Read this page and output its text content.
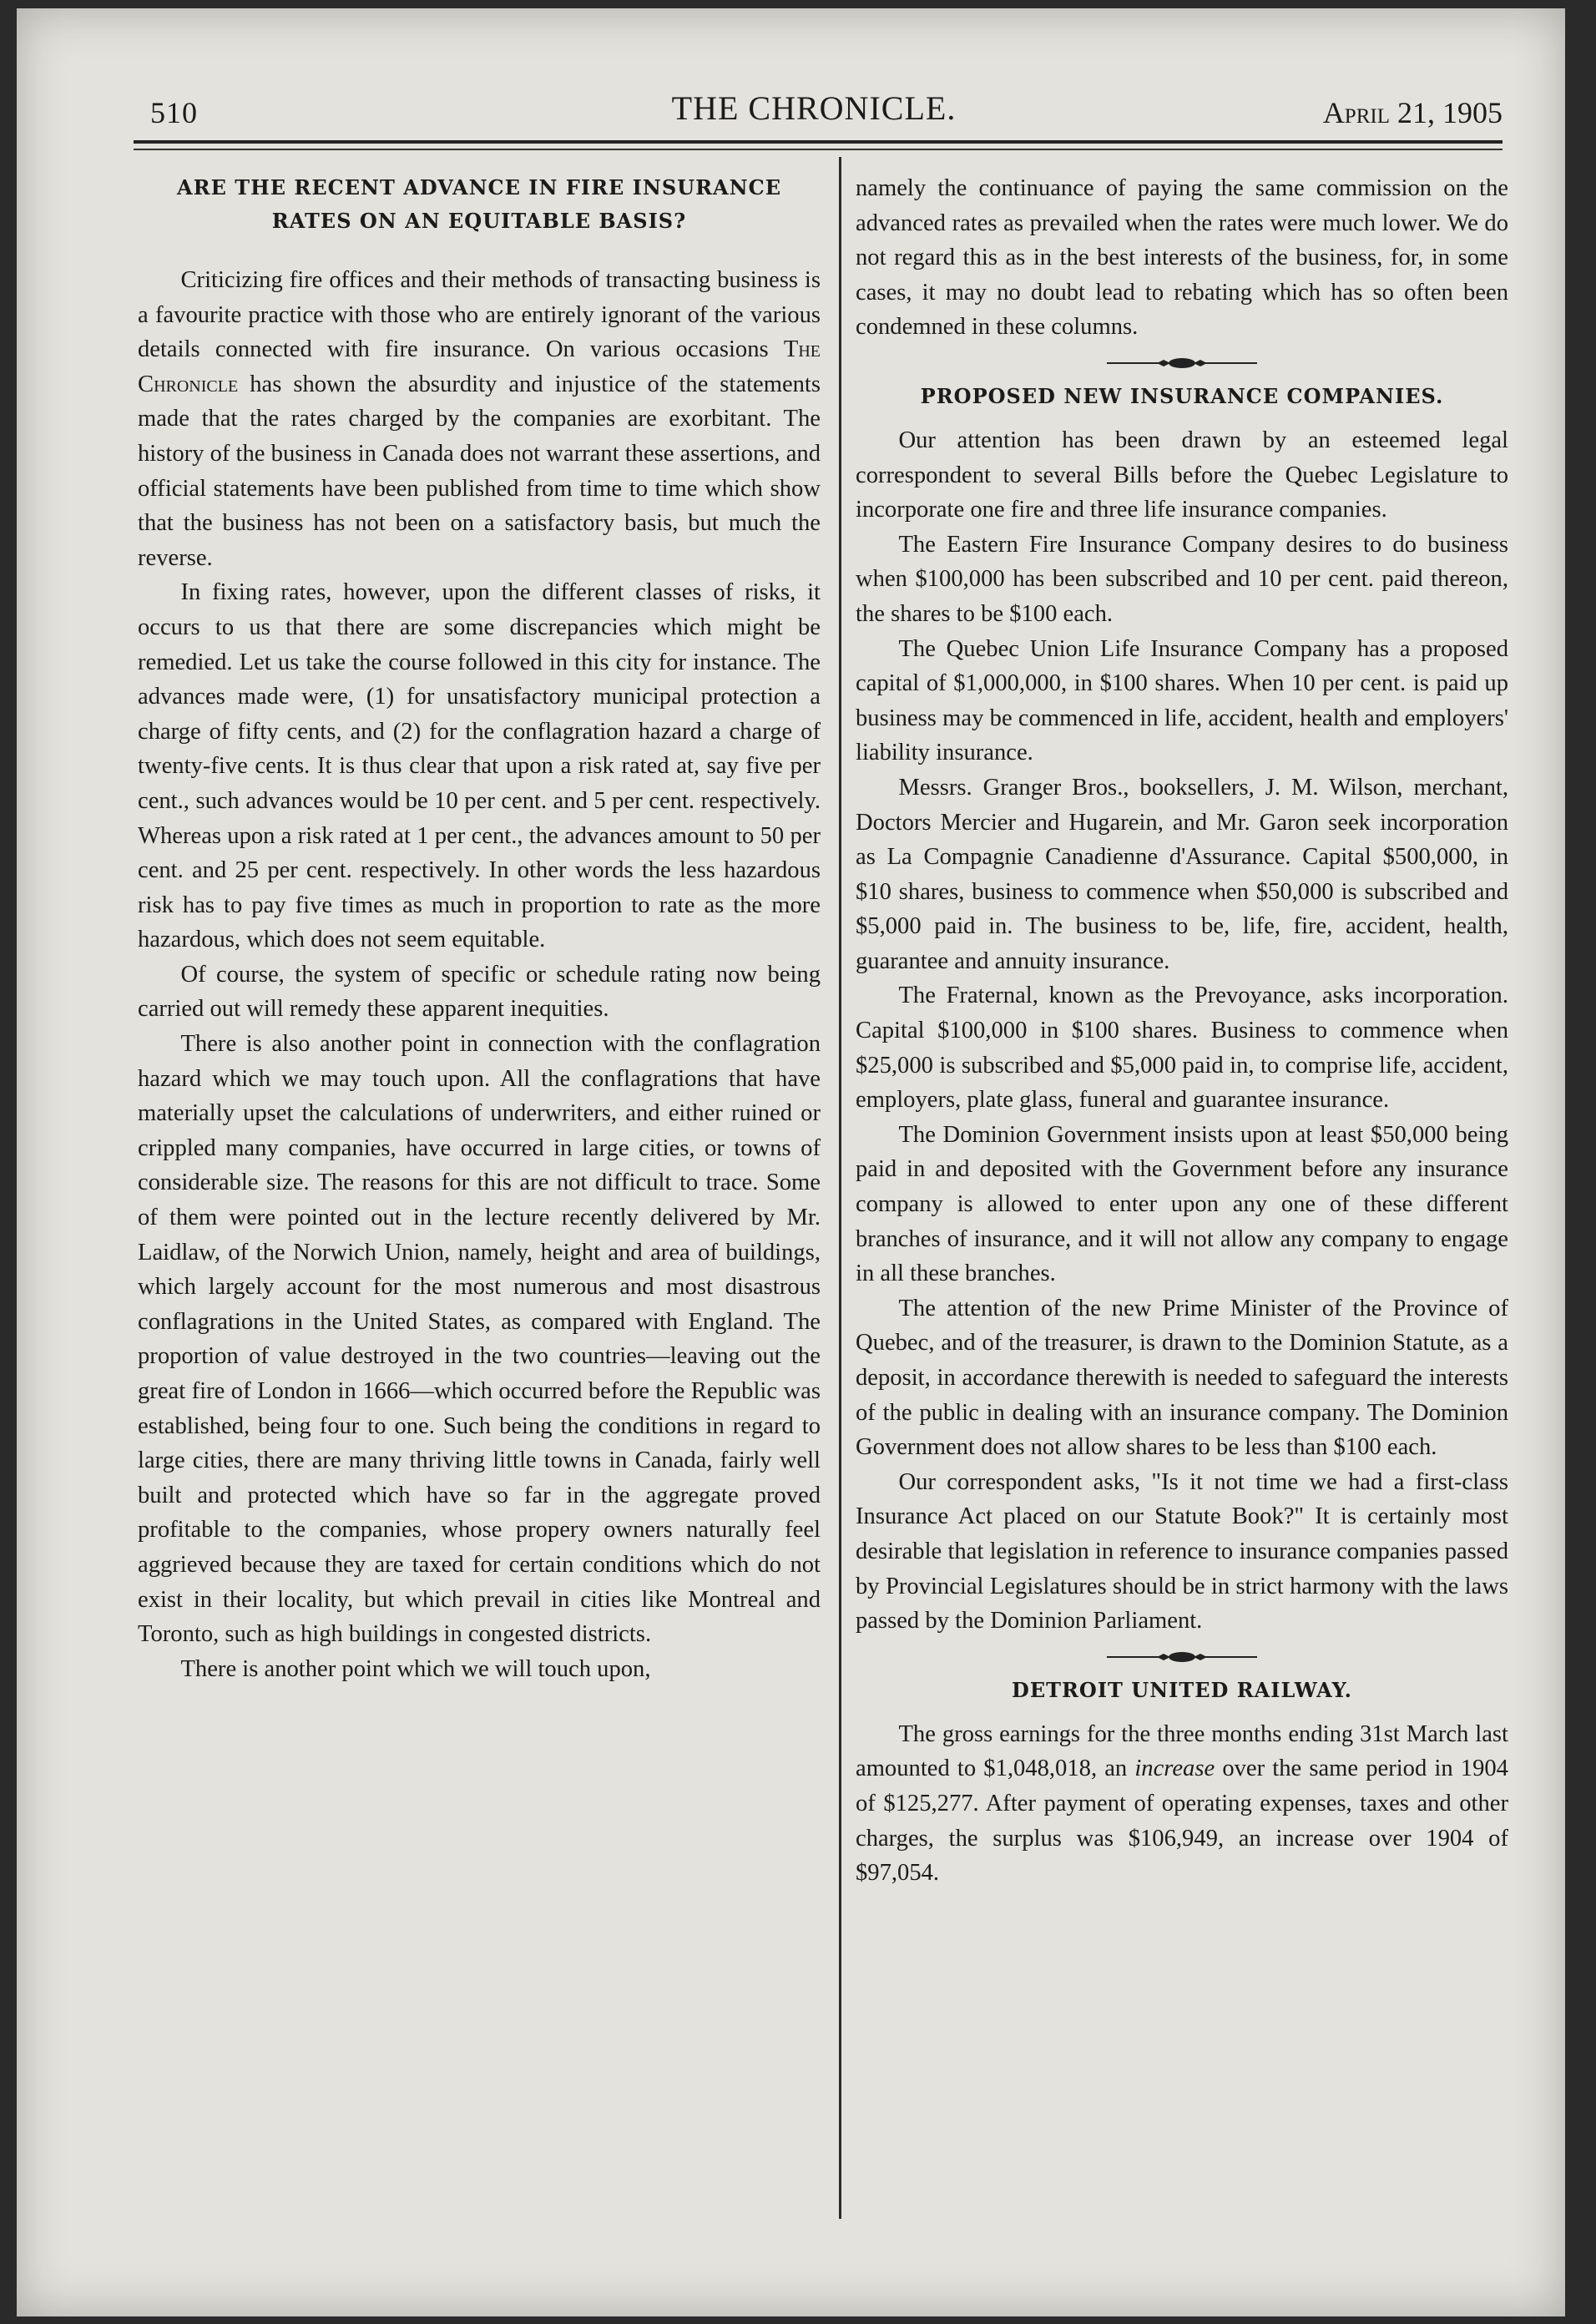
510	THE CHRONICLE.	April 21, 1905
ARE THE RECENT ADVANCE IN FIRE INSURANCE RATES ON AN EQUITABLE BASIS?

Criticizing fire offices and their methods of transacting business is a favourite practice with those who are entirely ignorant of the various details connected with fire insurance. On various occasions The Chronicle has shown the absurdity and injustice of the statements made that the rates charged by the companies are exorbitant. The history of the business in Canada does not warrant these assertions, and official statements have been published from time to time which show that the business has not been on a satisfactory basis, but much the reverse.

In fixing rates, however, upon the different classes of risks, it occurs to us that there are some discrepancies which might be remedied. Let us take the course followed in this city for instance. The advances made were, (1) for unsatisfactory municipal protection a charge of fifty cents, and (2) for the conflagration hazard a charge of twenty-five cents. It is thus clear that upon a risk rated at, say five per cent., such advances would be 10 per cent. and 5 per cent. respectively. Whereas upon a risk rated at 1 per cent., the advances amount to 50 per cent. and 25 per cent. respectively. In other words the less hazardous risk has to pay five times as much in proportion to rate as the more hazardous, which does not seem equitable.

Of course, the system of specific or schedule rating now being carried out will remedy these apparent inequities.

There is also another point in connection with the conflagration hazard which we may touch upon. All the conflagrations that have materially upset the calculations of underwriters, and either ruined or crippled many companies, have occurred in large cities, or towns of considerable size. The reasons for this are not difficult to trace. Some of them were pointed out in the lecture recently delivered by Mr. Laidlaw, of the Norwich Union, namely, height and area of buildings, which largely account for the most numerous and most disastrous conflagrations in the United States, as compared with England. The proportion of value destroyed in the two countries—leaving out the great fire of London in 1666—which occurred before the Republic was established, being four to one. Such being the conditions in regard to large cities, there are many thriving little towns in Canada, fairly well built and protected which have so far in the aggregate proved profitable to the companies, whose propery owners naturally feel aggrieved because they are taxed for certain conditions which do not exist in their locality, but which prevail in cities like Montreal and Toronto, such as high buildings in congested districts.

There is another point which we will touch upon,

namely the continuance of paying the same commission on the advanced rates as prevailed when the rates were much lower. We do not regard this as in the best interests of the business, for, in some cases, it may no doubt lead to rebating which has so often been condemned in these columns.

PROPOSED NEW INSURANCE COMPANIES.

Our attention has been drawn by an esteemed legal correspondent to several Bills before the Quebec Legislature to incorporate one fire and three life insurance companies.

The Eastern Fire Insurance Company desires to do business when $100,000 has been subscribed and 10 per cent. paid thereon, the shares to be $100 each.

The Quebec Union Life Insurance Company has a proposed capital of $1,000,000, in $100 shares. When 10 per cent. is paid up business may be commenced in life, accident, health and employers' liability insurance.

Messrs. Granger Bros., booksellers, J. M. Wilson, merchant, Doctors Mercier and Hugarein, and Mr. Garon seek incorporation as La Compagnie Canadienne d'Assurance. Capital $500,000, in $10 shares, business to commence when $50,000 is subscribed and $5,000 paid in. The business to be, life, fire, accident, health, guarantee and annuity insurance.

The Fraternal, known as the Prevoyance, asks incorporation. Capital $100,000 in $100 shares. Business to commence when $25,000 is subscribed and $5,000 paid in, to comprise life, accident, employers, plate glass, funeral and guarantee insurance.

The Dominion Government insists upon at least $50,000 being paid in and deposited with the Government before any insurance company is allowed to enter upon any one of these different branches of insurance, and it will not allow any company to engage in all these branches.

The attention of the new Prime Minister of the Province of Quebec, and of the treasurer, is drawn to the Dominion Statute, as a deposit, in accordance therewith is needed to safeguard the interests of the public in dealing with an insurance company. The Dominion Government does not allow shares to be less than $100 each.

Our correspondent asks, "Is it not time we had a first-class Insurance Act placed on our Statute Book?" It is certainly most desirable that legislation in reference to insurance companies passed by Provincial Legislatures should be in strict harmony with the laws passed by the Dominion Parliament.

DETROIT UNITED RAILWAY.

The gross earnings for the three months ending 31st March last amounted to $1,048,018, an increase over the same period in 1904 of $125,277. After payment of operating expenses, taxes and other charges, the surplus was $106,949, an increase over 1904 of $97,054.
